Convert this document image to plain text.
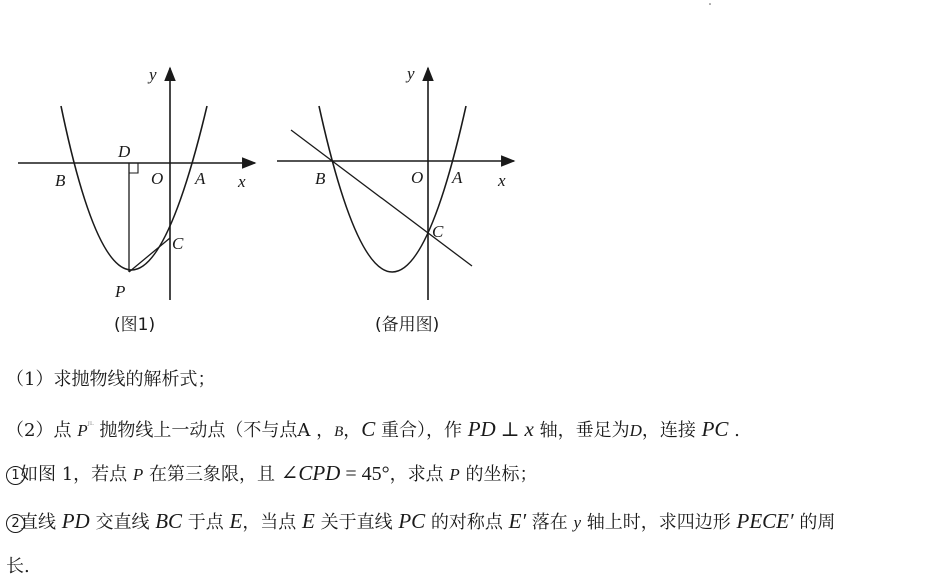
y
x
B
D
O A
C
P
(图1)
y
x
B	O A
C
(备用图)
（1）求抛物线的解析式；
（2）点 $P^{ᴶᴸ}$ 抛物线上一动点（不与点A ，B，C 重合），作 PD ⊥ x 轴，垂足为D，连接 PC .
1如图 1，若点 P 在第三象限，且 ∠CPD = 45°，求点 P 的坐标；
2直线 PD 交直线 BC 于点 E，当点 E 关于直线 PC 的对称点 E′ 落在 y 轴上时，求四边形 PECE′ 的周
长.
